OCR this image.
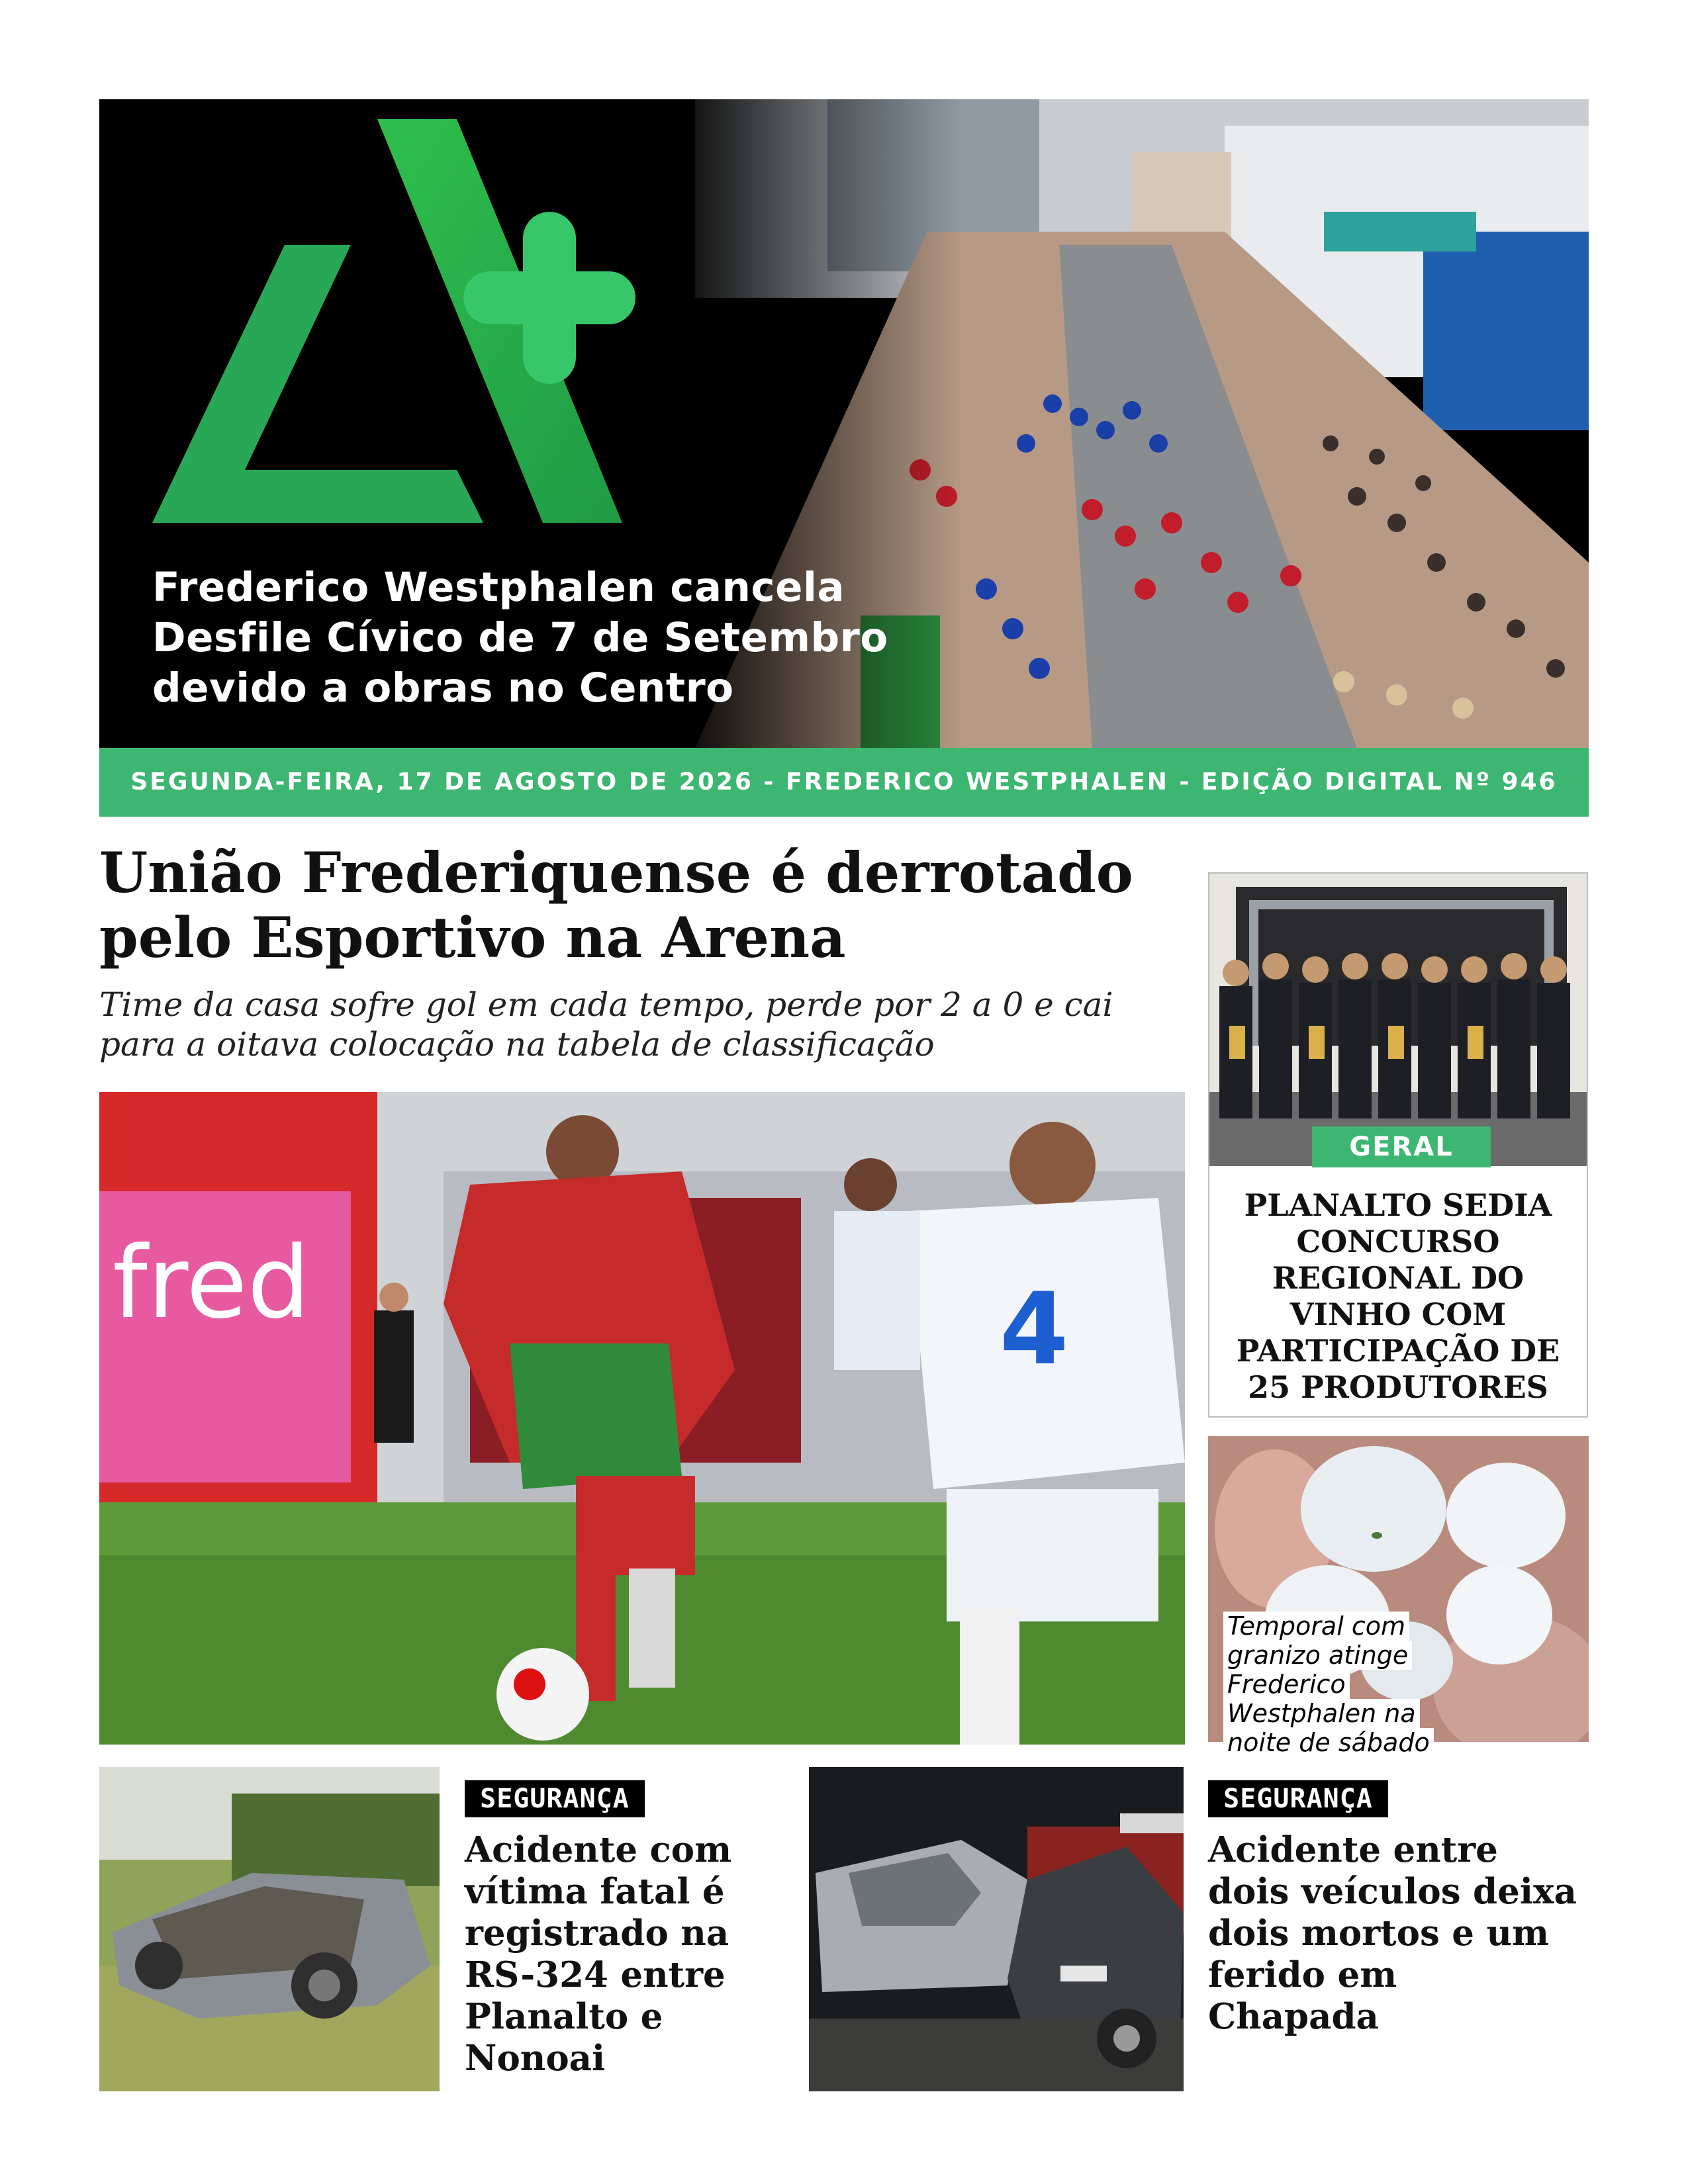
Frederico Westphalen cancela Desfile Cívico de 7 de Setembro devido a obras no Centro
SEGUNDA-FEIRA, 17 DE AGOSTO DE 2026 - FREDERICO WESTPHALEN - EDIÇÃO DIGITAL Nº 946
União Frederiquense é derrotado pelo Esportivo na Arena

Time da casa sofre gol em cada tempo, perde por 2 a 0 e cai para a oitava colocação na tabela de classificação

fred	4
GERAL
PLANALTO SEDIA CONCURSO REGIONAL DO VINHO COM PARTICIPAÇÃO DE 25 PRODUTORES

Temporal com granizo atinge Frederico Westphalen na noite de sábado

SEGURANÇA
Acidente com vítima fatal é registrado na RS-324 entre Planalto e Nonoai
SEGURANÇA
Acidente entre dois veículos deixa dois mortos e um ferido em Chapada
